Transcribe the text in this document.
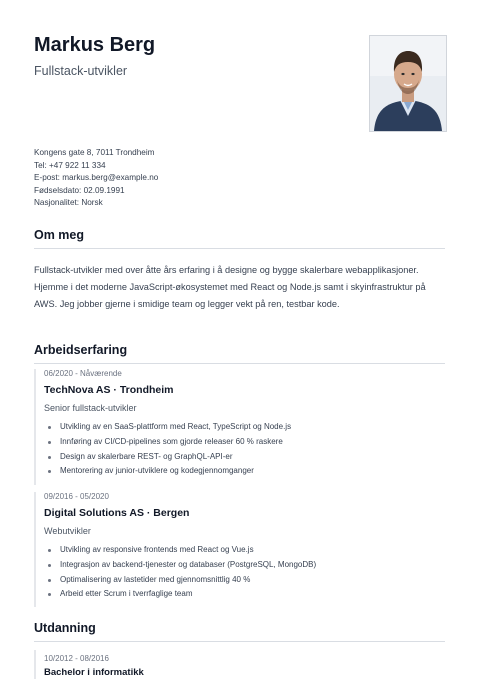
Markus Berg

Fullstack-utvikler

Kongens gate 8, 7011 Trondheim
Tel: +47 922 11 334
E-post: markus.berg@example.no
Fødselsdato: 02.09.1991
Nasjonalitet: Norsk
Om meg

Fullstack-utvikler med over åtte års erfaring i å designe og bygge skalerbare webapplikasjoner. Hjemme i det moderne JavaScript-økosystemet med React og Node.js samt i skyinfrastruktur på AWS. Jeg jobber gjerne i smidige team og legger vekt på ren, testbar kode.

Arbeidserfaring
06/2020 - Nåværende
TechNova AS · Trondheim
Senior fullstack-utvikler
Utvikling av en SaaS-plattform med React, TypeScript og Node.js
Innføring av CI/CD-pipelines som gjorde releaser 60 % raskere
Design av skalerbare REST- og GraphQL-API-er
Mentorering av junior-utviklere og kodegjennomganger
09/2016 - 05/2020
Digital Solutions AS · Bergen
Webutvikler
Utvikling av responsive frontends med React og Vue.js
Integrasjon av backend-tjenester og databaser (PostgreSQL, MongoDB)
Optimalisering av lastetider med gjennomsnittlig 40 %
Arbeid etter Scrum i tverrfaglige team
Utdanning
10/2012 - 08/2016
Bachelor i informatikk
